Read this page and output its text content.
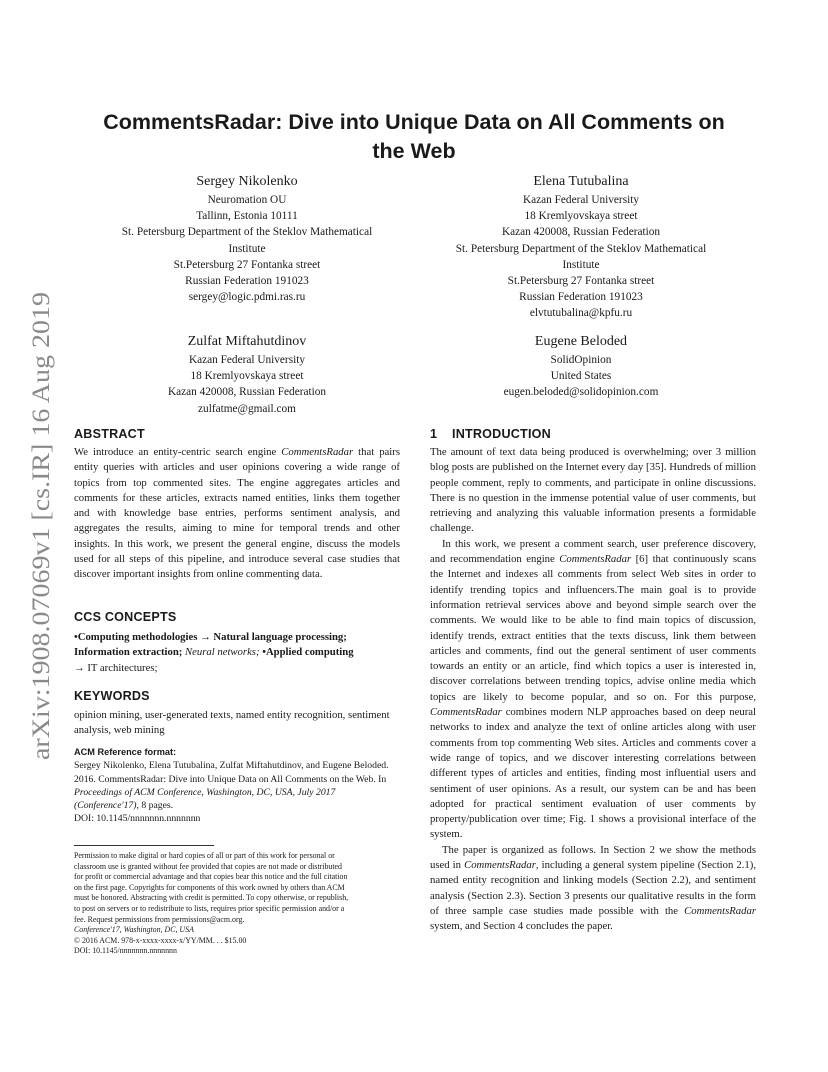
arXiv:1908.07069v1 [cs.IR] 16 Aug 2019
CommentsRadar: Dive into Unique Data on All Comments on
the Web
Sergey Nikolenko
Neuromation OU
Tallinn, Estonia 10111
St. Petersburg Department of the Steklov Mathematical
Institute
St.Petersburg 27 Fontanka street
Russian Federation 191023
sergey@logic.pdmi.ras.ru
Elena Tutubalina
Kazan Federal University
18 Kremlyovskaya street
Kazan 420008, Russian Federation
St. Petersburg Department of the Steklov Mathematical
Institute
St.Petersburg 27 Fontanka street
Russian Federation 191023
elvtutubalina@kpfu.ru
Zulfat Miftahutdinov
Kazan Federal University
18 Kremlyovskaya street
Kazan 420008, Russian Federation
zulfatme@gmail.com
Eugene Beloded
SolidOpinion
United States
eugen.beloded@solidopinion.com
ABSTRACT

We introduce an entity-centric search engine CommentsRadar that pairs entity queries with articles and user opinions covering a wide range of topics from top commented sites. The engine aggregates articles and comments for these articles, extracts named entities, links them together and with knowledge base entries, performs sentiment analysis, and aggregates the results, aiming to mine for temporal trends and other insights. In this work, we present the general engine, discuss the models used for all steps of this pipeline, and introduce several case studies that discover important insights from online commenting data.

CCS CONCEPTS
•Computing methodologies → Natural language processing;
Information extraction; Neural networks; •Applied computing
→ IT architectures;
KEYWORDS

opinion mining, user-generated texts, named entity recognition, sentiment analysis, web mining

ACM Reference format:
Sergey Nikolenko, Elena Tutubalina, Zulfat Miftahutdinov, and Eugene Beloded. 2016. CommentsRadar: Dive into Unique Data on All Comments on the Web. In Proceedings of ACM Conference, Washington, DC, USA, July 2017 (Conference'17), 8 pages.
DOI: 10.1145/nnnnnnn.nnnnnnn
Permission to make digital or hard copies of all or part of this work for personal or
classroom use is granted without fee provided that copies are not made or distributed
for profit or commercial advantage and that copies bear this notice and the full citation
on the first page. Copyrights for components of this work owned by others than ACM
must be honored. Abstracting with credit is permitted. To copy otherwise, or republish,
to post on servers or to redistribute to lists, requires prior specific permission and/or a
fee. Request permissions from permissions@acm.org.
Conference'17, Washington, DC, USA
© 2016 ACM. 978-x-xxxx-xxxx-x/YY/MM. . . $15.00
DOI: 10.1145/nnnnnnn.nnnnnnn
1 INTRODUCTION

The amount of text data being produced is overwhelming; over 3 million blog posts are published on the Internet every day [35]. Hundreds of million people comment, reply to comments, and participate in online discussions. There is no question in the immense potential value of user comments, but retrieving and analyzing this valuable information presents a formidable challenge.

In this work, we present a comment search, user preference discovery, and recommendation engine CommentsRadar [6] that continuously scans the Internet and indexes all comments from select Web sites in order to identify trending topics and influencers.The main goal is to provide information retrieval services above and beyond simple search over the comments. We would like to be able to find main topics of discussion, identify trends, extract entities that the texts discuss, link them between articles and comments, find out the general sentiment of user comments towards an entity or an article, find which topics a user is interested in, discover correlations between trending topics, advise online media which topics are likely to become popular, and so on. For this purpose, CommentsRadar combines modern NLP approaches based on deep neural networks to index and analyze the text of online articles along with user comments from top commenting Web sites. Articles and comments cover a wide range of topics, and we discover interesting correlations between different types of articles and entities, finding most influential users and sentiment of user opinions. As a result, our system can be and has been adopted for practical sentiment evaluation of user comments by property/publication over time; Fig. 1 shows a provisional interface of the system.

The paper is organized as follows. In Section 2 we show the methods used in CommentsRadar, including a general system pipeline (Section 2.1), named entity recognition and linking models (Section 2.2), and sentiment analysis (Section 2.3). Section 3 presents our qualitative results in the form of three sample case studies made possible with the CommentsRadar system, and Section 4 concludes the paper.
